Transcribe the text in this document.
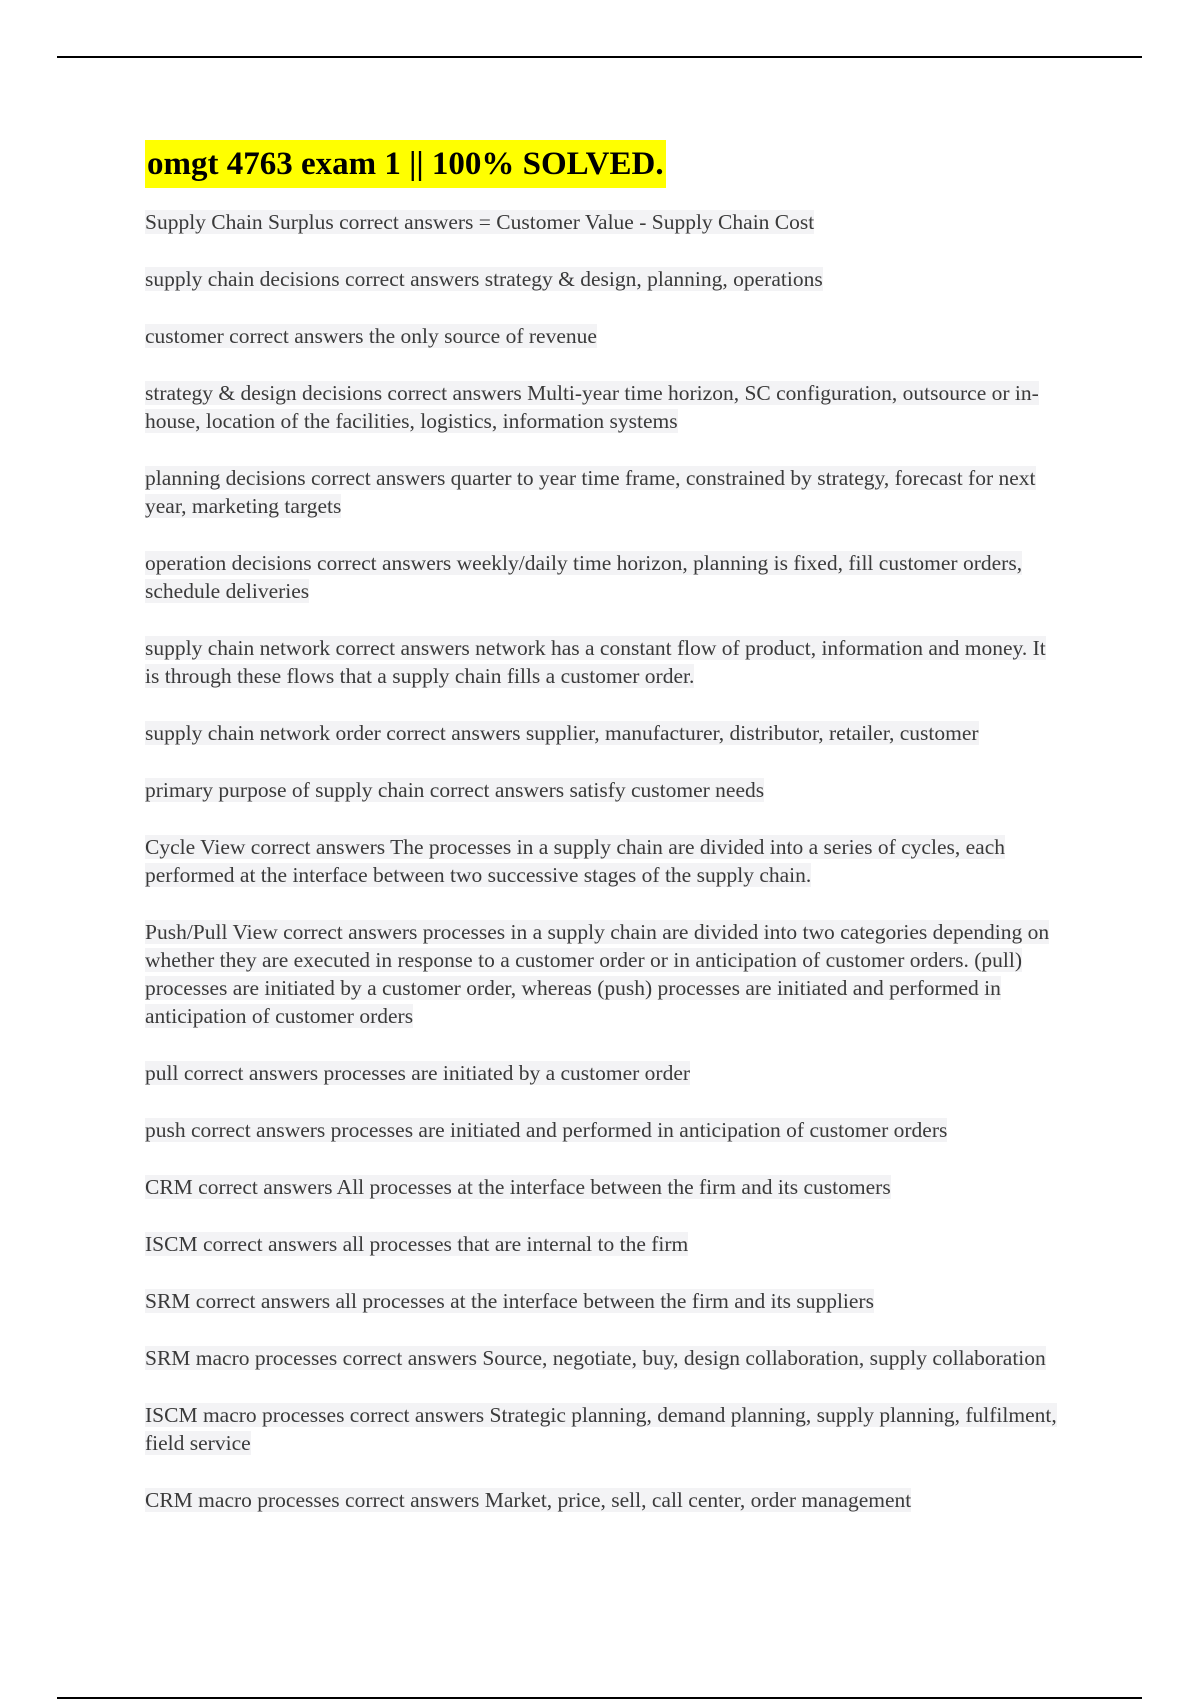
omgt 4763 exam 1 || 100% SOLVED.
Supply Chain Surplus correct answers = Customer Value - Supply Chain Cost
supply chain decisions correct answers strategy & design, planning, operations
customer correct answers the only source of revenue
strategy & design decisions correct answers Multi-year time horizon, SC configuration, outsource or in-house, location of the facilities, logistics, information systems
planning decisions correct answers quarter to year time frame, constrained by strategy, forecast for next year, marketing targets
operation decisions correct answers weekly/daily time horizon, planning is fixed, fill customer orders, schedule deliveries
supply chain network correct answers network has a constant flow of product, information and money. It is through these flows that a supply chain fills a customer order.
supply chain network order correct answers supplier, manufacturer, distributor, retailer, customer
primary purpose of supply chain correct answers satisfy customer needs
Cycle View correct answers The processes in a supply chain are divided into a series of cycles, each performed at the interface between two successive stages of the supply chain.
Push/Pull View correct answers processes in a supply chain are divided into two categories depending on whether they are executed in response to a customer order or in anticipation of customer orders. (pull) processes are initiated by a customer order, whereas (push) processes are initiated and performed in anticipation of customer orders
pull correct answers processes are initiated by a customer order
push correct answers processes are initiated and performed in anticipation of customer orders
CRM correct answers All processes at the interface between the firm and its customers
ISCM correct answers all processes that are internal to the firm
SRM correct answers all processes at the interface between the firm and its suppliers
SRM macro processes correct answers Source, negotiate, buy, design collaboration, supply collaboration
ISCM macro processes correct answers Strategic planning, demand planning, supply planning, fulfilment, field service
CRM macro processes correct answers Market, price, sell, call center, order management
